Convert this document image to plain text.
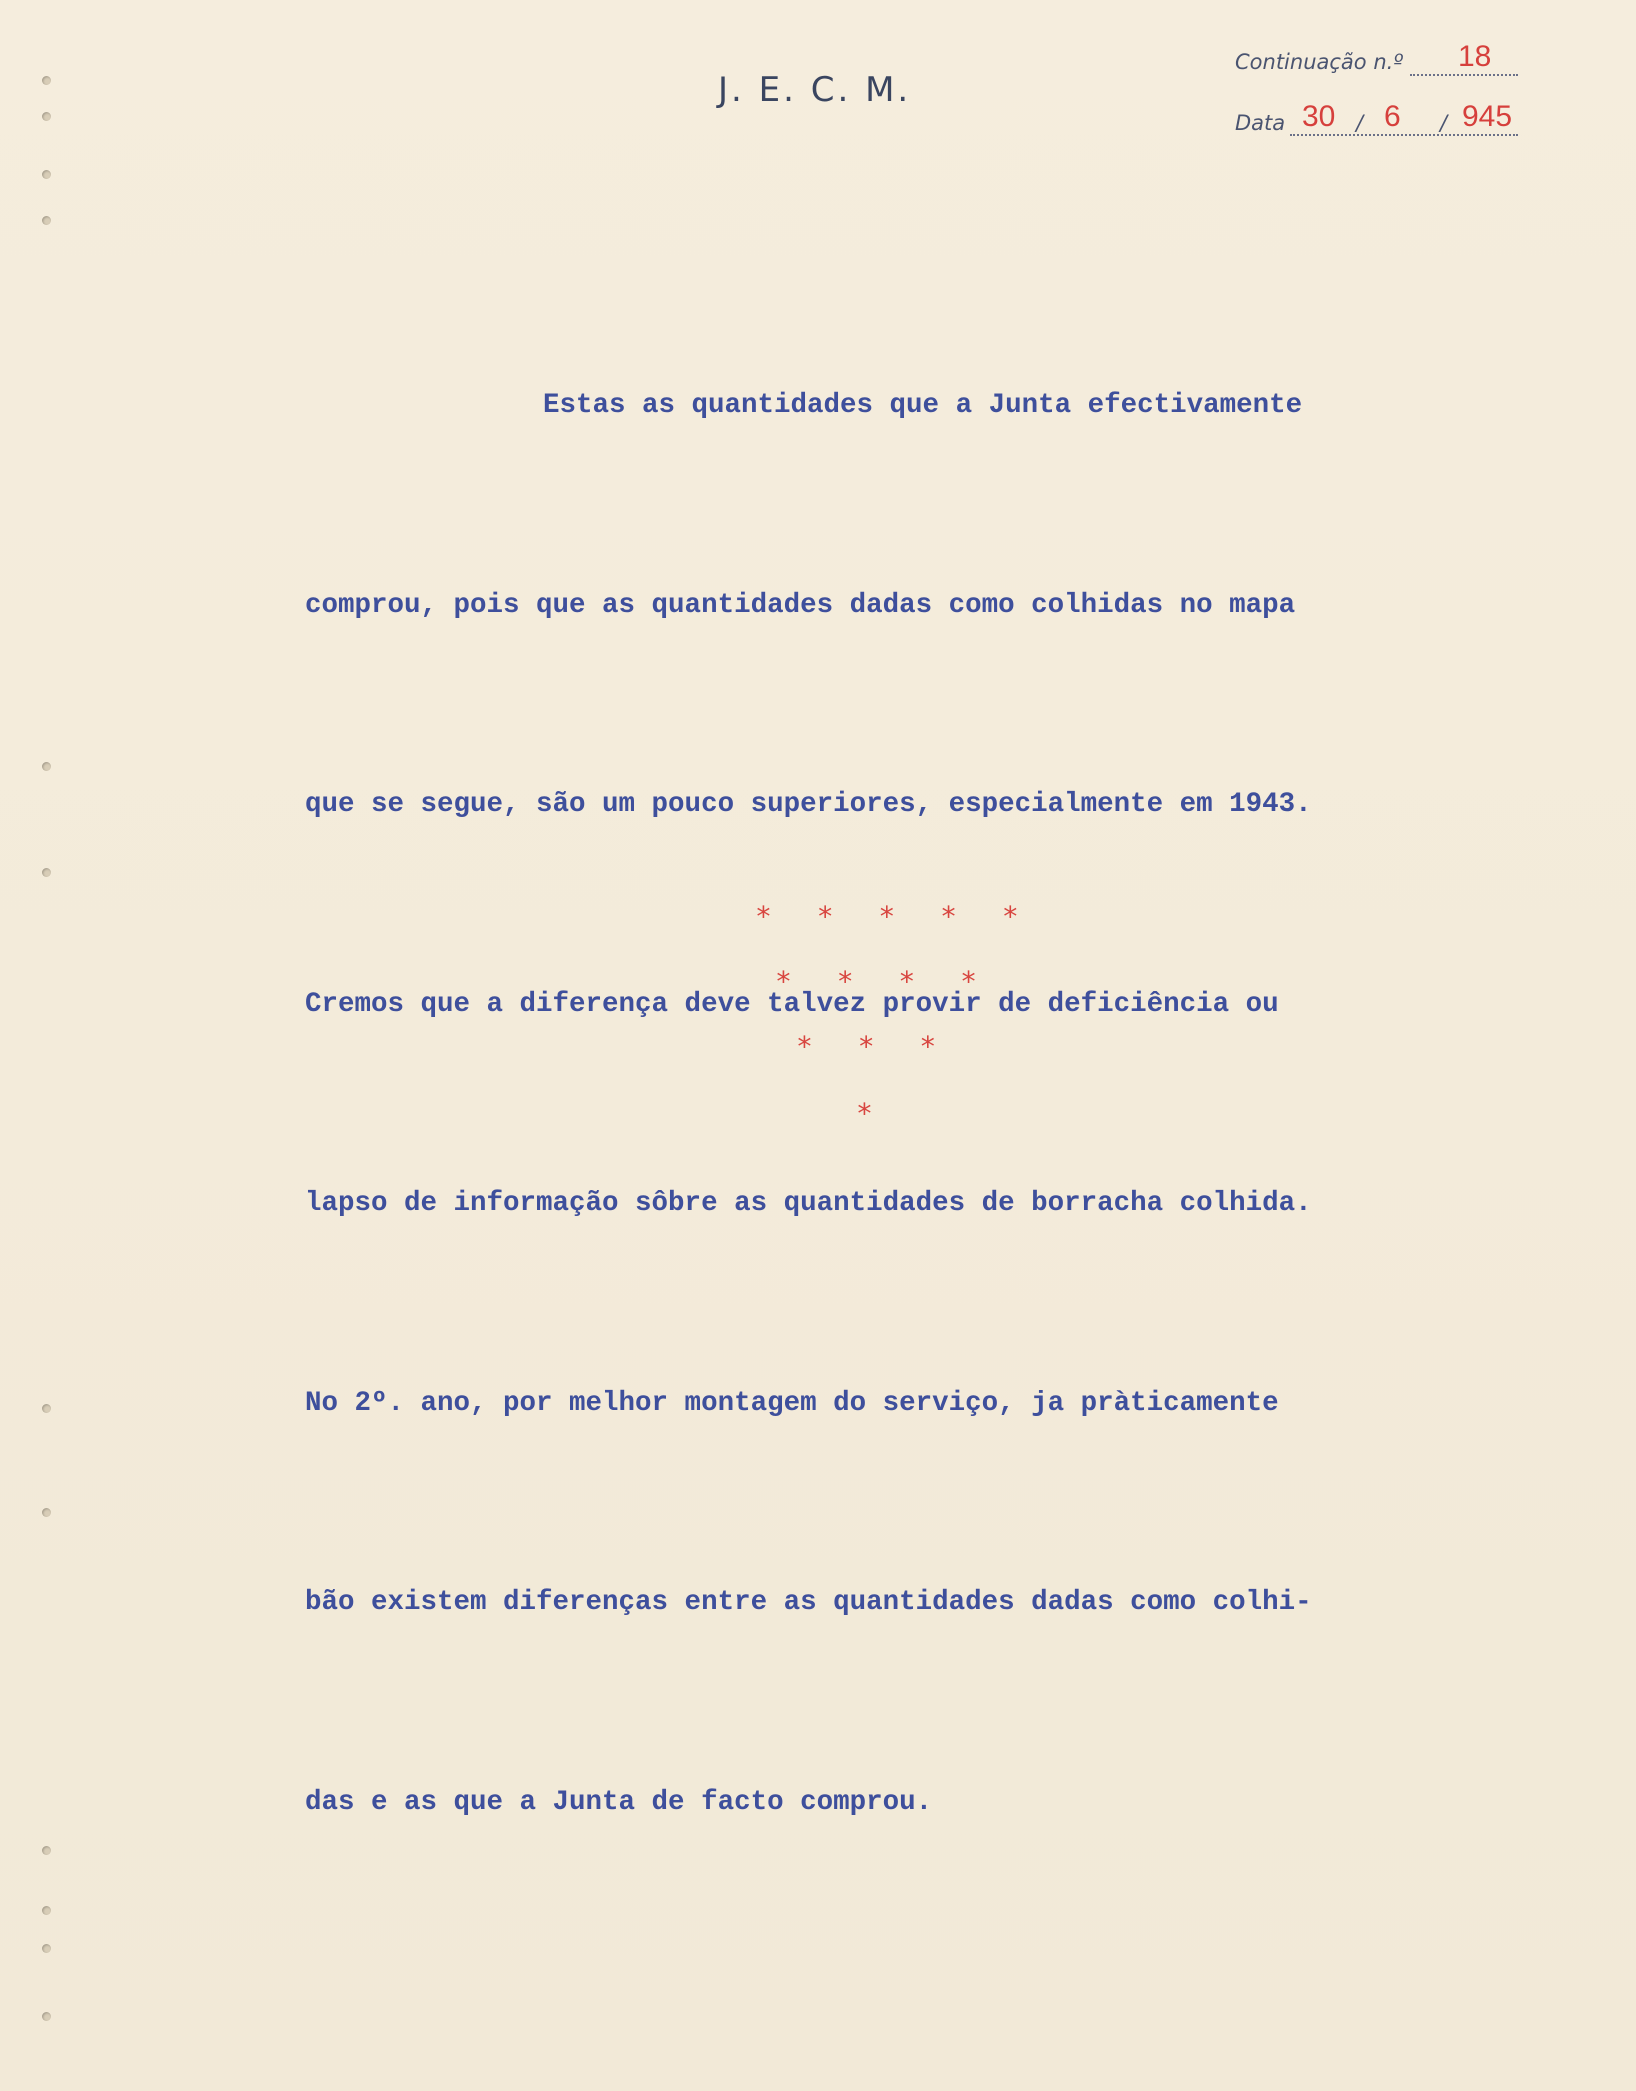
J. E. C. M.
Continuação n.º 18
Data 30 / 6 / 945

Estas as quantidades que a Junta efectivamente

comprou, pois que as quantidades dadas como colhidas no mapa

que se segue, são um pouco superiores, especialmente em 1943.

Cremos que a diferença deve talvez provir de deficiência ou

lapso de informação sôbre as quantidades de borracha colhida.

No 2º. ano, por melhor montagem do serviço, ja pràticamente

bão existem diferenças entre as quantidades dadas como colhi-

das e as que a Junta de facto comprou.

* * * * *
* * * *
* * *
*
